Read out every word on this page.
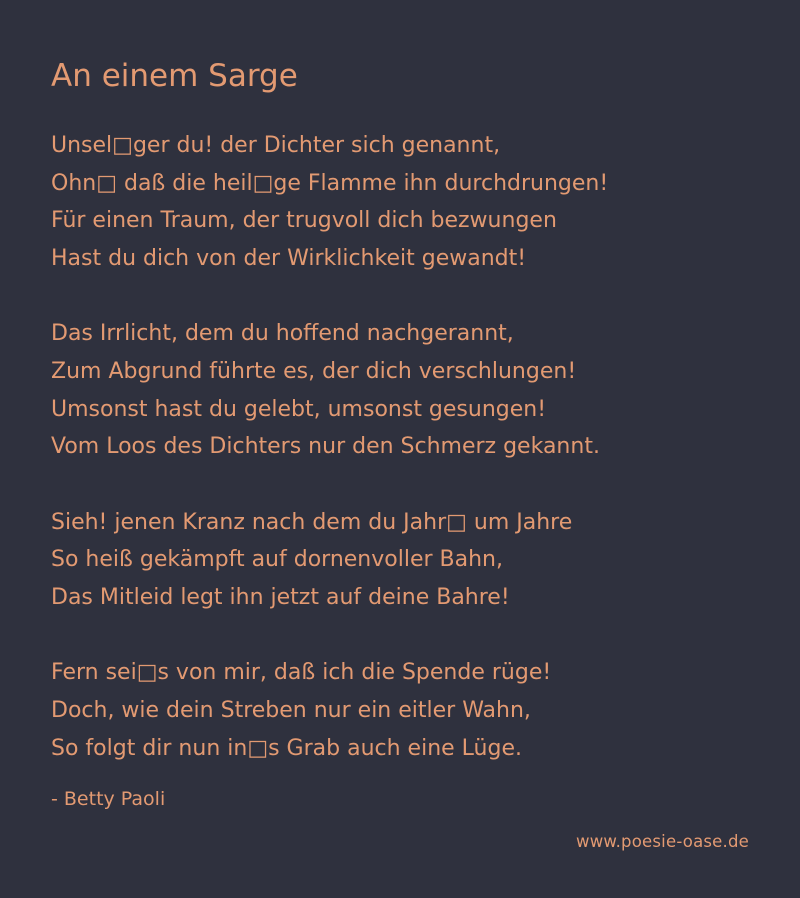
An einem Sarge
Unsel□ger du! der Dichter sich genannt,
Ohn□ daß die heil□ge Flamme ihn durchdrungen!
Für einen Traum, der trugvoll dich bezwungen
Hast du dich von der Wirklichkeit gewandt!
Das Irrlicht, dem du hoffend nachgerannt,
Zum Abgrund führte es, der dich verschlungen!
Umsonst hast du gelebt, umsonst gesungen!
Vom Loos des Dichters nur den Schmerz gekannt.
Sieh! jenen Kranz nach dem du Jahr□ um Jahre
So heiß gekämpft auf dornenvoller Bahn,
Das Mitleid legt ihn jetzt auf deine Bahre!
Fern sei□s von mir, daß ich die Spende rüge!
Doch, wie dein Streben nur ein eitler Wahn,
So folgt dir nun in□s Grab auch eine Lüge.
- Betty Paoli
www.poesie-oase.de
